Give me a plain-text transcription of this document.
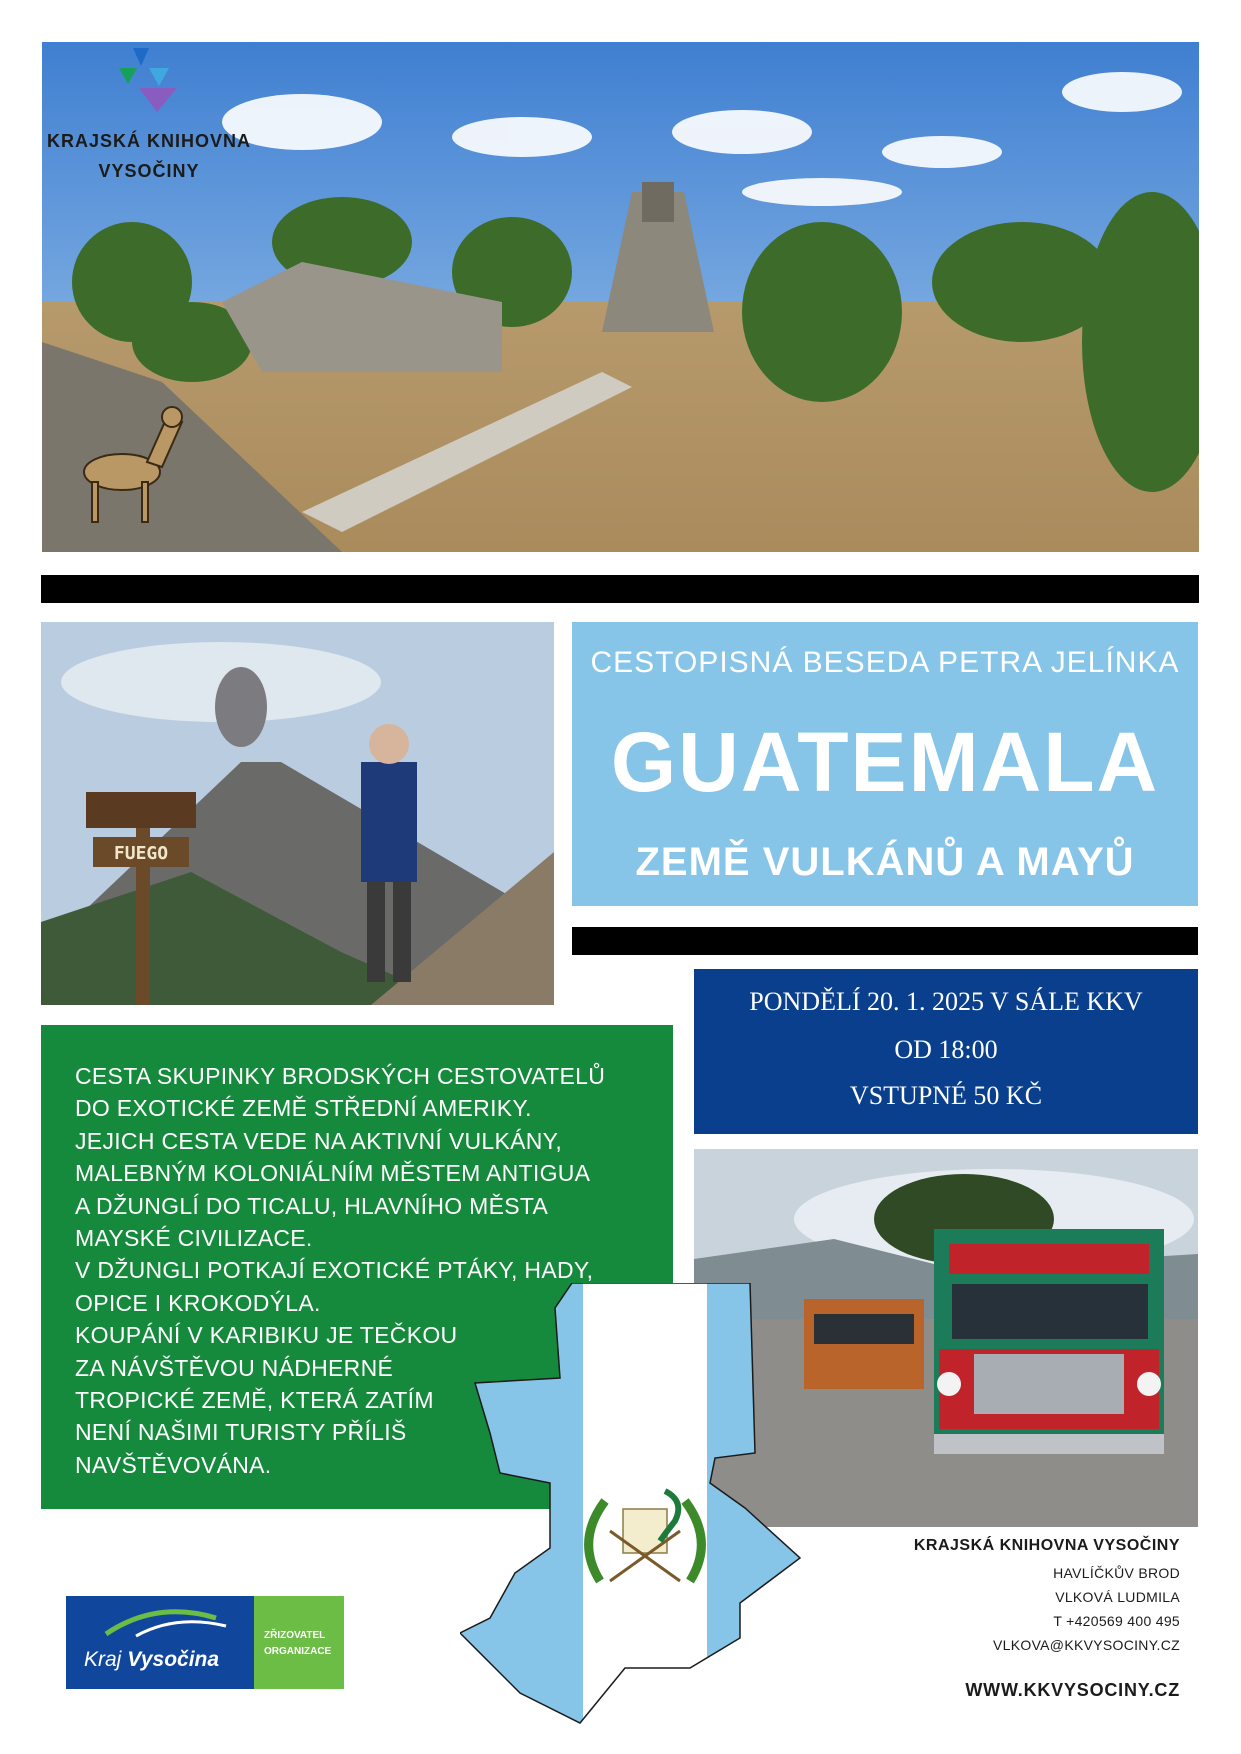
KRAJSKÁ KNIHOVNA
VYSOČINY
FUEGO
CESTOPISNÁ BESEDA PETRA JELÍNKA
GUATEMALA
ZEMĚ VULKÁNŮ A MAYŮ
PONDĚLÍ 20. 1. 2025 V SÁLE KKV
OD 18:00
VSTUPNÉ 50 KČ
CESTA SKUPINKY BRODSKÝCH CESTOVATELŮ
DO EXOTICKÉ ZEMĚ STŘEDNÍ AMERIKY.
JEJICH CESTA VEDE NA AKTIVNÍ VULKÁNY,
MALEBNÝM KOLONIÁLNÍM MĚSTEM ANTIGUA
A DŽUNGLÍ DO TICALU, HLAVNÍHO MĚSTA
MAYSKÉ CIVILIZACE.
V DŽUNGLI POTKAJÍ EXOTICKÉ PTÁKY, HADY,
OPICE I KROKODÝLA.
KOUPÁNÍ V KARIBIKU JE TEČKOU
ZA NÁVŠTĚVOU NÁDHERNÉ
TROPICKÉ ZEMĚ, KTERÁ ZATÍM
NENÍ NAŠIMI TURISTY PŘÍLIŠ
NAVŠTĚVOVÁNA.
KRAJSKÁ KNIHOVNA VYSOČINY
HAVLÍČKŮV BROD
VLKOVÁ LUDMILA
T +420569 400 495
VLKOVA@KKVYSOCINY.CZ
WWW.KKVYSOCINY.CZ
Kraj Vysočina
ZŘIZOVATEL
ORGANIZACE
